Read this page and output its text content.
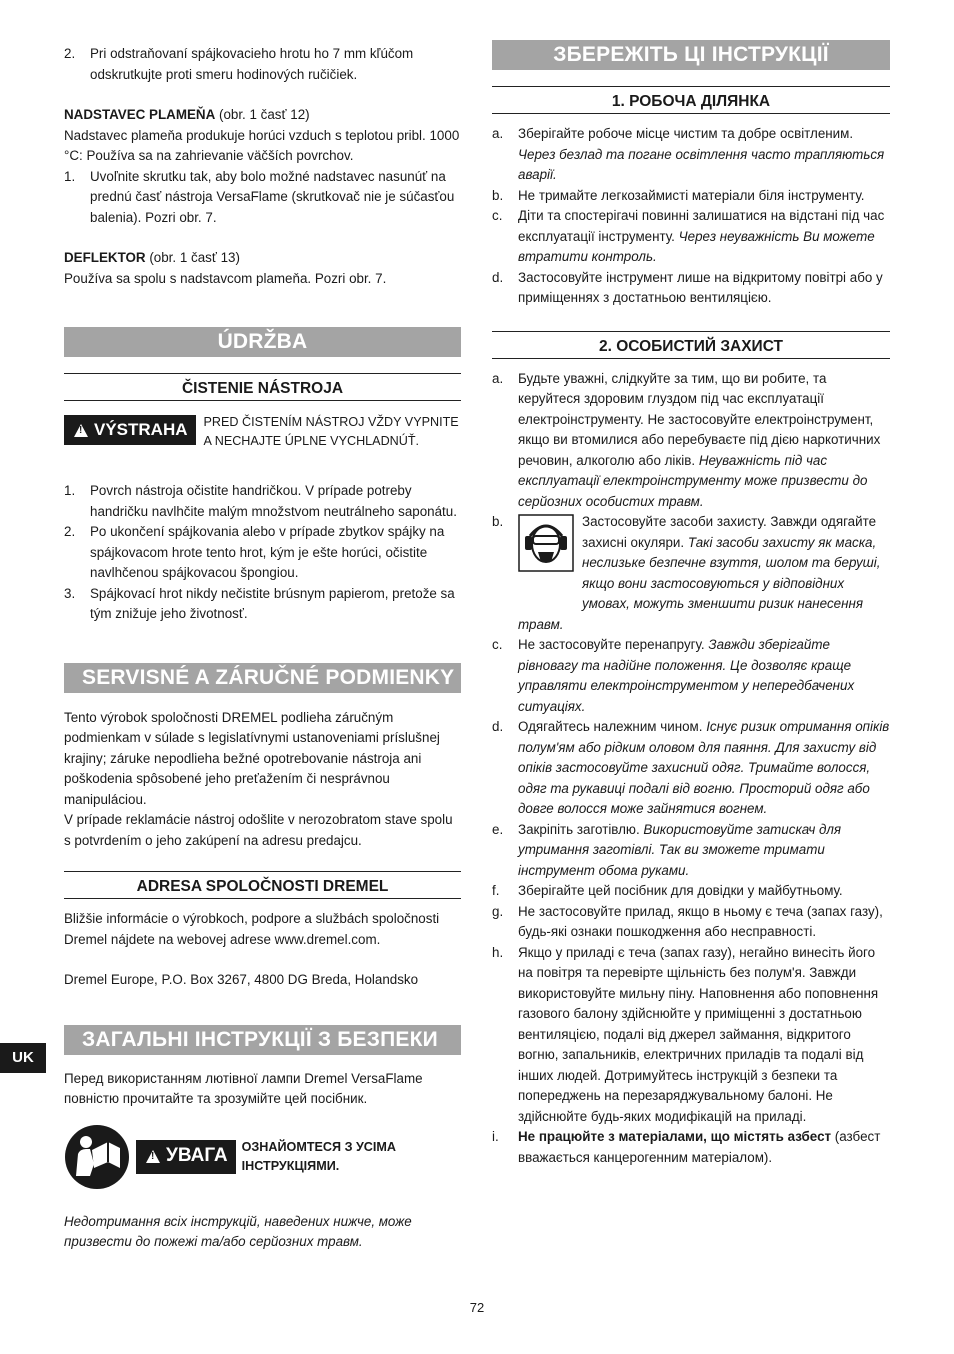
UK
2. Pri odstraňovaní spájkovacieho hrotu ho 7 mm kľúčom odskrutkujte proti smeru hodinových ručičiek.

NADSTAVEC PLAMEŇA (obr. 1 časť 12)

Nadstavec plameňa produkuje horúci vzduch s teplotou pribl. 1000 °C: Používa sa na zahrievanie väčších povrchov.

1. Uvoľnite skrutku tak, aby bolo možné nadstavec nasunúť na prednú časť nástroja VersaFlame (skrutkovač nie je súčasťou balenia). Pozri obr. 7.

DEFLEKTOR (obr. 1 časť 13)

Používa sa spolu s nadstavcom plameňa. Pozri obr. 7.

ÚDRŽBA
ČISTENIE NÁSTROJA
! VÝSTRAHA PRED ČISTENÍM NÁSTROJ VŽDY VYPNITE A NECHAJTE ÚPLNE VYCHLADNÚŤ.
1. Povrch nástroja očistite handričkou. V prípade potreby handričku navlhčite malým množstvom neutrálneho saponátu.
2. Po ukončení spájkovania alebo v prípade zbytkov spájky na spájkovacom hrote tento hrot, kým je ešte horúci, očistite navlhčenou spájkovacou špongiou.
3. Spájkovací hrot nikdy nečistite brúsnym papierom, pretože sa tým znižuje jeho životnosť.
SERVISNÉ A ZÁRUČNÉ PODMIENKY

Tento výrobok spoločnosti DREMEL podlieha záručným podmienkam v súlade s legislatívnymi ustanoveniami príslušnej krajiny; záruke nepodlieha bežné opotrebovanie nástroja ani poškodenia spôsobené jeho preťažením či nesprávnou manipuláciou.

V prípade reklamácie nástroj odošlite v nerozobratom stave spolu s potvrdením o jeho zakúpení na adresu predajcu.

ADRESA SPOLOČNOSTI DREMEL

Bližšie informácie o výrobkoch, podpore a službách spoločnosti Dremel nájdete na webovej adrese www.dremel.com.

Dremel Europe, P.O. Box 3267, 4800 DG Breda, Holandsko

ЗАГАЛЬНІ ІНСТРУКЦІЇ З БЕЗПЕКИ

Перед використанням лютівної лампи Dremel VersaFlame повністю прочитайте та зрозумійте цей посібник.

! УВАГА ОЗНАЙОМТЕСЯ З УСІМА ІНСТРУКЦІЯМИ.

Недотримання всіх інструкцій, наведених нижче, може призвести до пожежі та/або серйозних травм.

ЗБЕРЕЖІТЬ ЦІ ІНСТРУКЦІЇ
1. РОБОЧА ДІЛЯНКА
a. Зберігайте робоче місце чистим та добре освітленим. Через безлад та погане освітлення часто трапляються аварії.
b. Не тримайте легкозаймисті матеріали біля інструменту.
c. Діти та спостерігачі повинні залишатися на відстані під час експлуатації інструменту. Через неуважність Ви можете втратити контроль.
d. Застосовуйте інструмент лише на відкритому повітрі або у приміщеннях з достатньою вентиляцією.
2. ОСОБИСТИЙ ЗАХИСТ
a. Будьте уважні, слідкуйте за тим, що ви робите, та керуйтеся здоровим глуздом під час експлуатації електроінструменту. Не застосовуйте електроінструмент, якщо ви втомилися або перебуваєте під дією наркотичних речовин, алкоголю або ліків. Неуважність під час експлуатації електроінструменту може призвести до серйозних особистих травм.
b.	Застосовуйте засоби захисту. Завжди одягайте захисні окуляри. Такі засоби захисту як маска, неслизьке безпечне взуття, шолом та беруші, якщо вони застосовуються у відповідних умовах, можуть зменшити ризик нанесення
травм.
c. Не застосовуйте перенапругу. Завжди зберігайте рівновагу та надійне положення. Це дозволяє краще управляти електроінструментом у непередбачених ситуаціях.
d. Одягайтесь належним чином. Існує ризик отримання опіків полум'ям або рідким оловом для паяння. Для захисту від опіків застосовуйте захисний одяг. Тримайте волосся, одяг та рукавиці подалі від вогню. Просторий одяг або довге волосся може зайнятися вогнем.
e. Закріпіть заготівлю. Використовуйте затискач для утримання заготівлі. Так ви зможете тримати інструмент обома руками.
f. Зберігайте цей посібник для довідки у майбутньому.
g. Не застосовуйте прилад, якщо в ньому є теча (запах газу), будь-які ознаки пошкодження або несправності.
h. Якщо у приладі є теча (запах газу), негайно винесіть його на повітря та перевірте щільність без полум'я. Завжди використовуйте мильну піну. Наповнення або поповнення газового балону здійснюйте у приміщенні з достатньою вентиляцією, подалі від джерел займання, відкритого вогню, запальників, електричних приладів та подалі від інших людей. Дотримуйтесь інструкцій з безпеки та попереджень на перезаряджувальному балоні. Не здійснюйте будь-яких модифікацій на приладі.
i. Не працюйте з матеріалами, що містять азбест (азбест вважається канцерогенним матеріалом).
72
